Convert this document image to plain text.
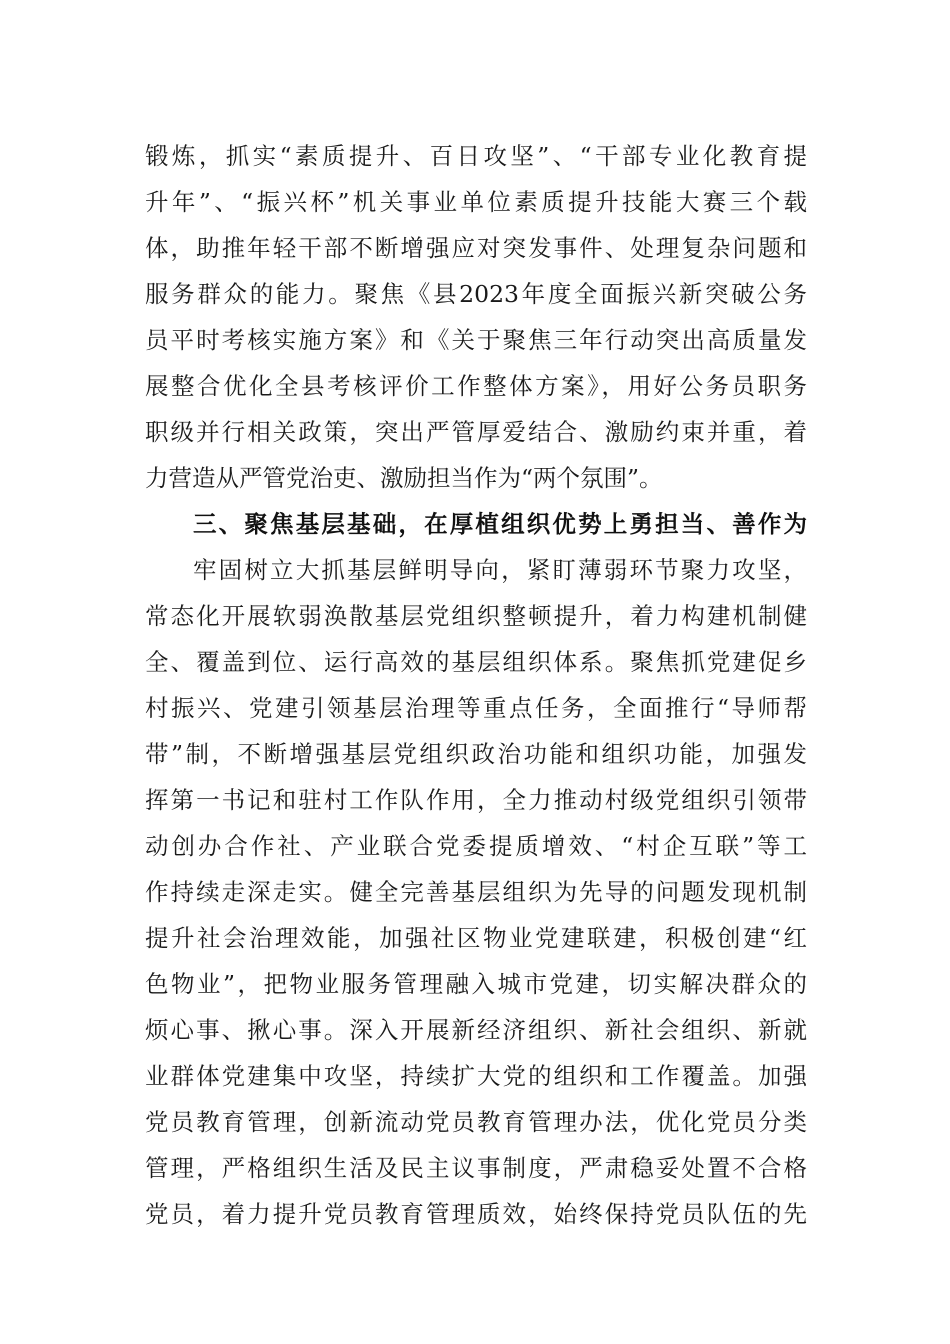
锻炼，抓实“素质提升、百日攻坚”、“干部专业化教育提
升年”、“振兴杯”机关事业单位素质提升技能大赛三个载
体，助推年轻干部不断增强应对突发事件、处理复杂问题和
服务群众的能力。聚焦《县2023年度全面振兴新突破公务
员平时考核实施方案》和《关于聚焦三年行动突出高质量发
展整合优化全县考核评价工作整体方案》，用好公务员职务
职级并行相关政策，突出严管厚爱结合、激励约束并重，着
力营造从严管党治吏、激励担当作为“两个氛围”。
三、聚焦基层基础，在厚植组织优势上勇担当、善作为
牢固树立大抓基层鲜明导向，紧盯薄弱环节聚力攻坚，
常态化开展软弱涣散基层党组织整顿提升，着力构建机制健
全、覆盖到位、运行高效的基层组织体系。聚焦抓党建促乡
村振兴、党建引领基层治理等重点任务，全面推行“导师帮
带”制，不断增强基层党组织政治功能和组织功能，加强发
挥第一书记和驻村工作队作用，全力推动村级党组织引领带
动创办合作社、产业联合党委提质增效、“村企互联”等工
作持续走深走实。健全完善基层组织为先导的问题发现机制
提升社会治理效能，加强社区物业党建联建，积极创建“红
色物业”，把物业服务管理融入城市党建，切实解决群众的
烦心事、揪心事。深入开展新经济组织、新社会组织、新就
业群体党建集中攻坚，持续扩大党的组织和工作覆盖。加强
党员教育管理，创新流动党员教育管理办法，优化党员分类
管理，严格组织生活及民主议事制度，严肃稳妥处置不合格
党员，着力提升党员教育管理质效，始终保持党员队伍的先
